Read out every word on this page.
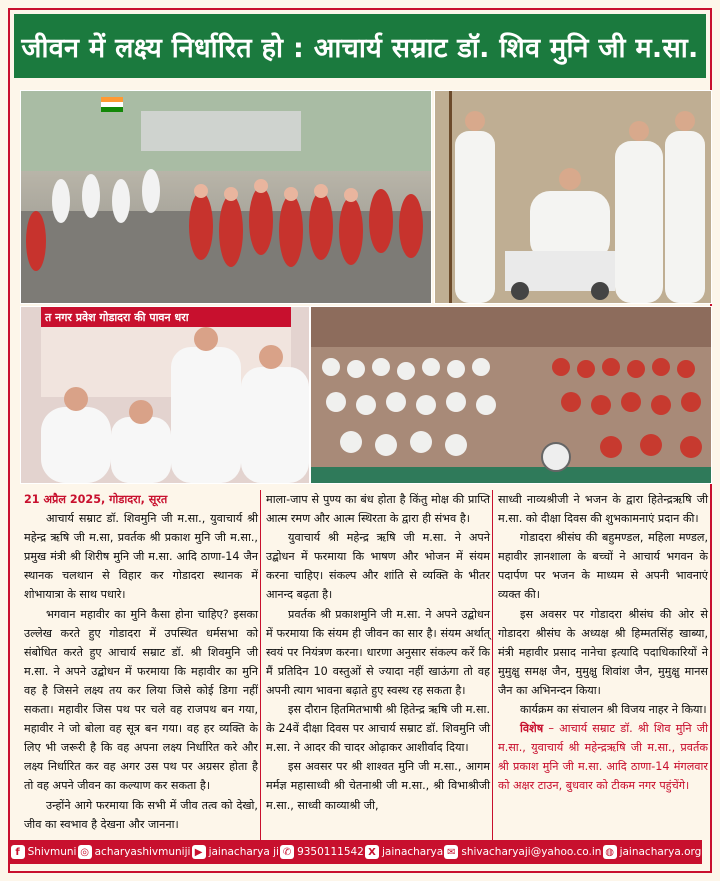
जीवन में लक्ष्य निर्धारित हो : आचार्य सम्राट डॉ. शिव मुनि जी म.सा.
त नगर प्रवेश गोडादरा की पावन धरा

21 अप्रैल 2025, गोडादरा, सूरत

आचार्य सम्राट डॉ. शिवमुनि जी म.सा., युवाचार्य श्री महेन्द्र ऋषि जी म.सा, प्रवर्तक श्री प्रकाश मुनि जी म.सा., प्रमुख मंत्री श्री शिरीष मुनि जी म.सा. आदि ठाणा-14 जैन स्थानक चलथान से विहार कर गोडादरा स्थानक में शोभायात्रा के साथ पधारे।

भगवान महावीर का मुनि कैसा होना चाहिए? इसका उल्लेख करते हुए गोडादरा में उपस्थित धर्मसभा को संबोधित करते हुए आचार्य सम्राट डॉ. श्री शिवमुनि जी म.सा. ने अपने उद्बोधन में फरमाया कि महावीर का मुनि वह है जिसने लक्ष्य तय कर लिया जिसे कोई डिगा नहीं सकता। महावीर जिस पथ पर चले वह राजपथ बन गया, महावीर ने जो बोला वह सूत्र बन गया। वह हर व्यक्ति के लिए भी जरूरी है कि वह अपना लक्ष्य निर्धारित करे और लक्ष्य निर्धारित कर वह अगर उस पथ पर अग्रसर होता है तो वह अपने जीवन का कल्याण कर सकता है।

उन्होंने आगे फरमाया कि सभी में जीव तत्व को देखो, जीव का स्वभाव है देखना और जानना।

माला-जाप से पुण्य का बंध होता है किंतु मोक्ष की प्राप्ति आत्म रमण और आत्म स्थिरता के द्वारा ही संभव है।

युवाचार्य श्री महेन्द्र ऋषि जी म.सा. ने अपने उद्बोधन में फरमाया कि भाषण और भोजन में संयम करना चाहिए। संकल्प और शांति से व्यक्ति के भीतर आनन्द बढ़ता है।

प्रवर्तक श्री प्रकाशमुनि जी म.सा. ने अपने उद्बोधन में फरमाया कि संयम ही जीवन का सार है। संयम अर्थात् स्वयं पर नियंत्रण करना। धारणा अनुसार संकल्प करें कि मैं प्रतिदिन 10 वस्तुओं से ज्यादा नहीं खाऊंगा तो वह अपनी त्याग भावना बढ़ाते हुए स्वस्थ रह सकता है।

इस दौरान हितमितभाषी श्री हितेन्द्र ऋषि जी म.सा. के 24वें दीक्षा दिवस पर आचार्य सम्राट डॉ. शिवमुनि जी म.सा. ने आदर की चादर ओढ़ाकर आशीर्वाद दिया।

इस अवसर पर श्री शाश्वत मुनि जी म.सा., आगम मर्मज्ञ महासाध्वी श्री चेतनाश्री जी म.सा., श्री विभाश्रीजी म.सा., साध्वी काव्याश्री जी,

साध्वी नाव्यश्रीजी ने भजन के द्वारा हितेन्द्रऋषि जी म.सा. को दीक्षा दिवस की शुभकामनाएं प्रदान की।

गोडादरा श्रीसंघ की बहुमण्डल, महिला मण्डल, महावीर ज्ञानशाला के बच्चों ने आचार्य भगवन के पदार्पण पर भजन के माध्यम से अपनी भावनाएं व्यक्त की।

इस अवसर पर गोडादरा श्रीसंघ की ओर से गोडादरा श्रीसंघ के अध्यक्ष श्री हिम्मतसिंह खाब्या, मंत्री महावीर प्रसाद नानेचा इत्यादि पदाधिकारियों ने मुमुक्षु समक्ष जैन, मुमुक्षु शिवांश जैन, मुमुक्षु मानस जैन का अभिनन्दन किया।

कार्यक्रम का संचालन श्री विजय नाहर ने किया।

विशेष – आचार्य सम्राट डॉ. श्री शिव मुनि जी म.सा., युवाचार्य श्री महेन्द्रऋषि जी म.सा., प्रवर्तक श्री प्रकाश मुनि जी म.सा. आदि ठाणा-14 मंगलवार को अक्षर टाउन, बुधवार को टीकम नगर पहुंचेंगे।

f Shivmuni ◎ acharyashivmuniji ▶ jainacharya ji ✆ 9350111542 X jainacharya ✉ shivacharyaji@yahoo.co.in ◍ jainacharya.org
